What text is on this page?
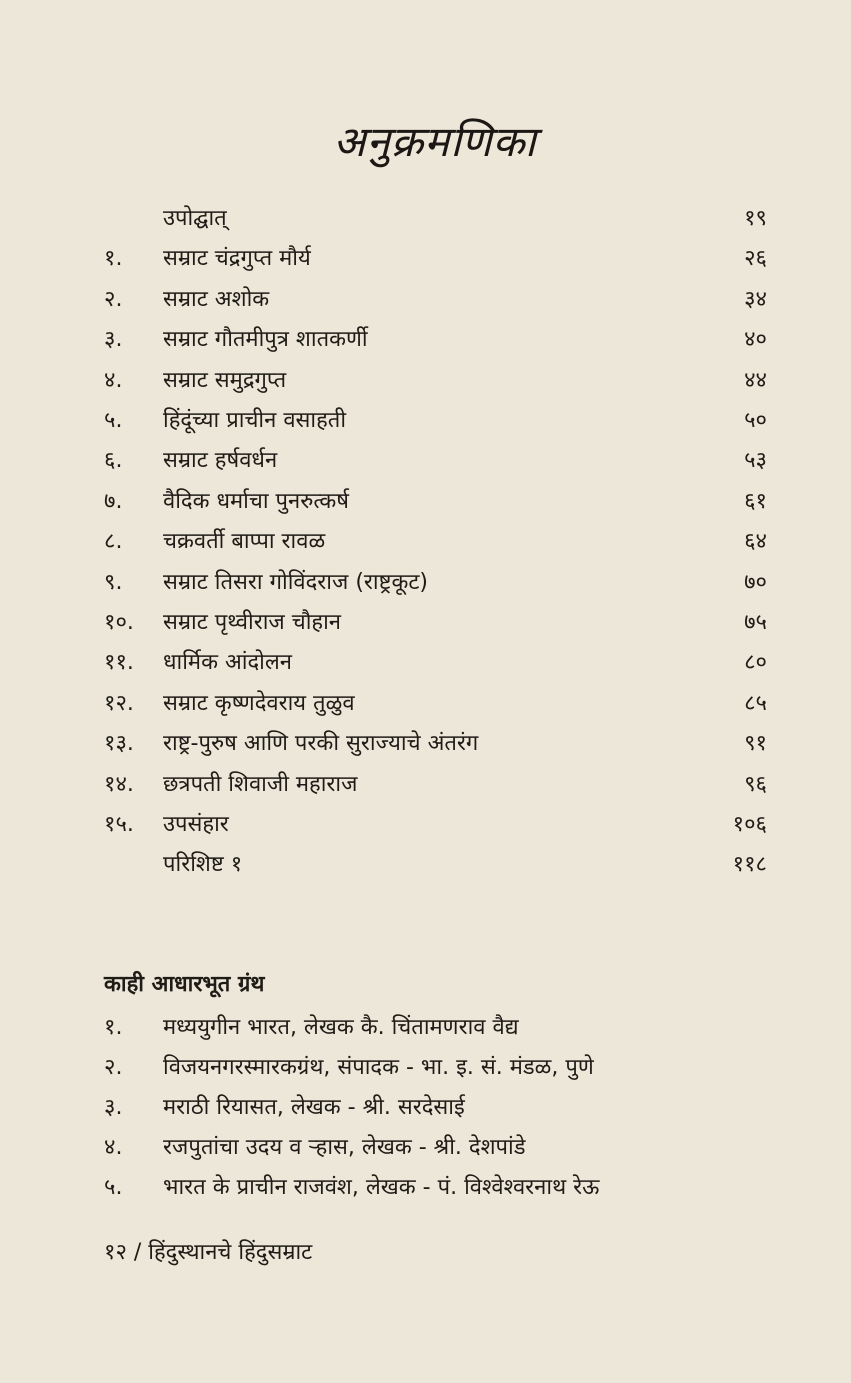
अनुक्रमणिका
उपोद्घात्	१९
१. सम्राट चंद्रगुप्त मौर्य	२६
२. सम्राट अशोक	३४
३. सम्राट गौतमीपुत्र शातकर्णी	४०
४. सम्राट समुद्रगुप्त	४४
५. हिंदूंच्या प्राचीन वसाहती	५०
६. सम्राट हर्षवर्धन	५३
७. वैदिक धर्माचा पुनरुत्कर्ष	६१
८. चक्रवर्ती बाप्पा रावळ	६४
९. सम्राट तिसरा गोविंदराज (राष्ट्रकूट)	७०
१०. सम्राट पृथ्वीराज चौहान	७५
११. धार्मिक आंदोलन	८०
१२. सम्राट कृष्णदेवराय तुळुव	८५
१३. राष्ट्र-पुरुष आणि परकी सुराज्याचे अंतरंग	९१
१४. छत्रपती शिवाजी महाराज	९६
१५. उपसंहार	१०६
परिशिष्ट १	११८
काही आधारभूत ग्रंथ
१. मध्ययुगीन भारत, लेखक कै. चिंतामणराव वैद्य
२. विजयनगरस्मारकग्रंथ, संपादक - भा. इ. सं. मंडळ, पुणे
३. मराठी रियासत, लेखक - श्री. सरदेसाई
४. रजपुतांचा उदय व ऱ्हास, लेखक - श्री. देशपांडे
५. भारत के प्राचीन राजवंश, लेखक - पं. विश्वेश्वरनाथ रेऊ
१२ / हिंदुस्थानचे हिंदुसम्राट
